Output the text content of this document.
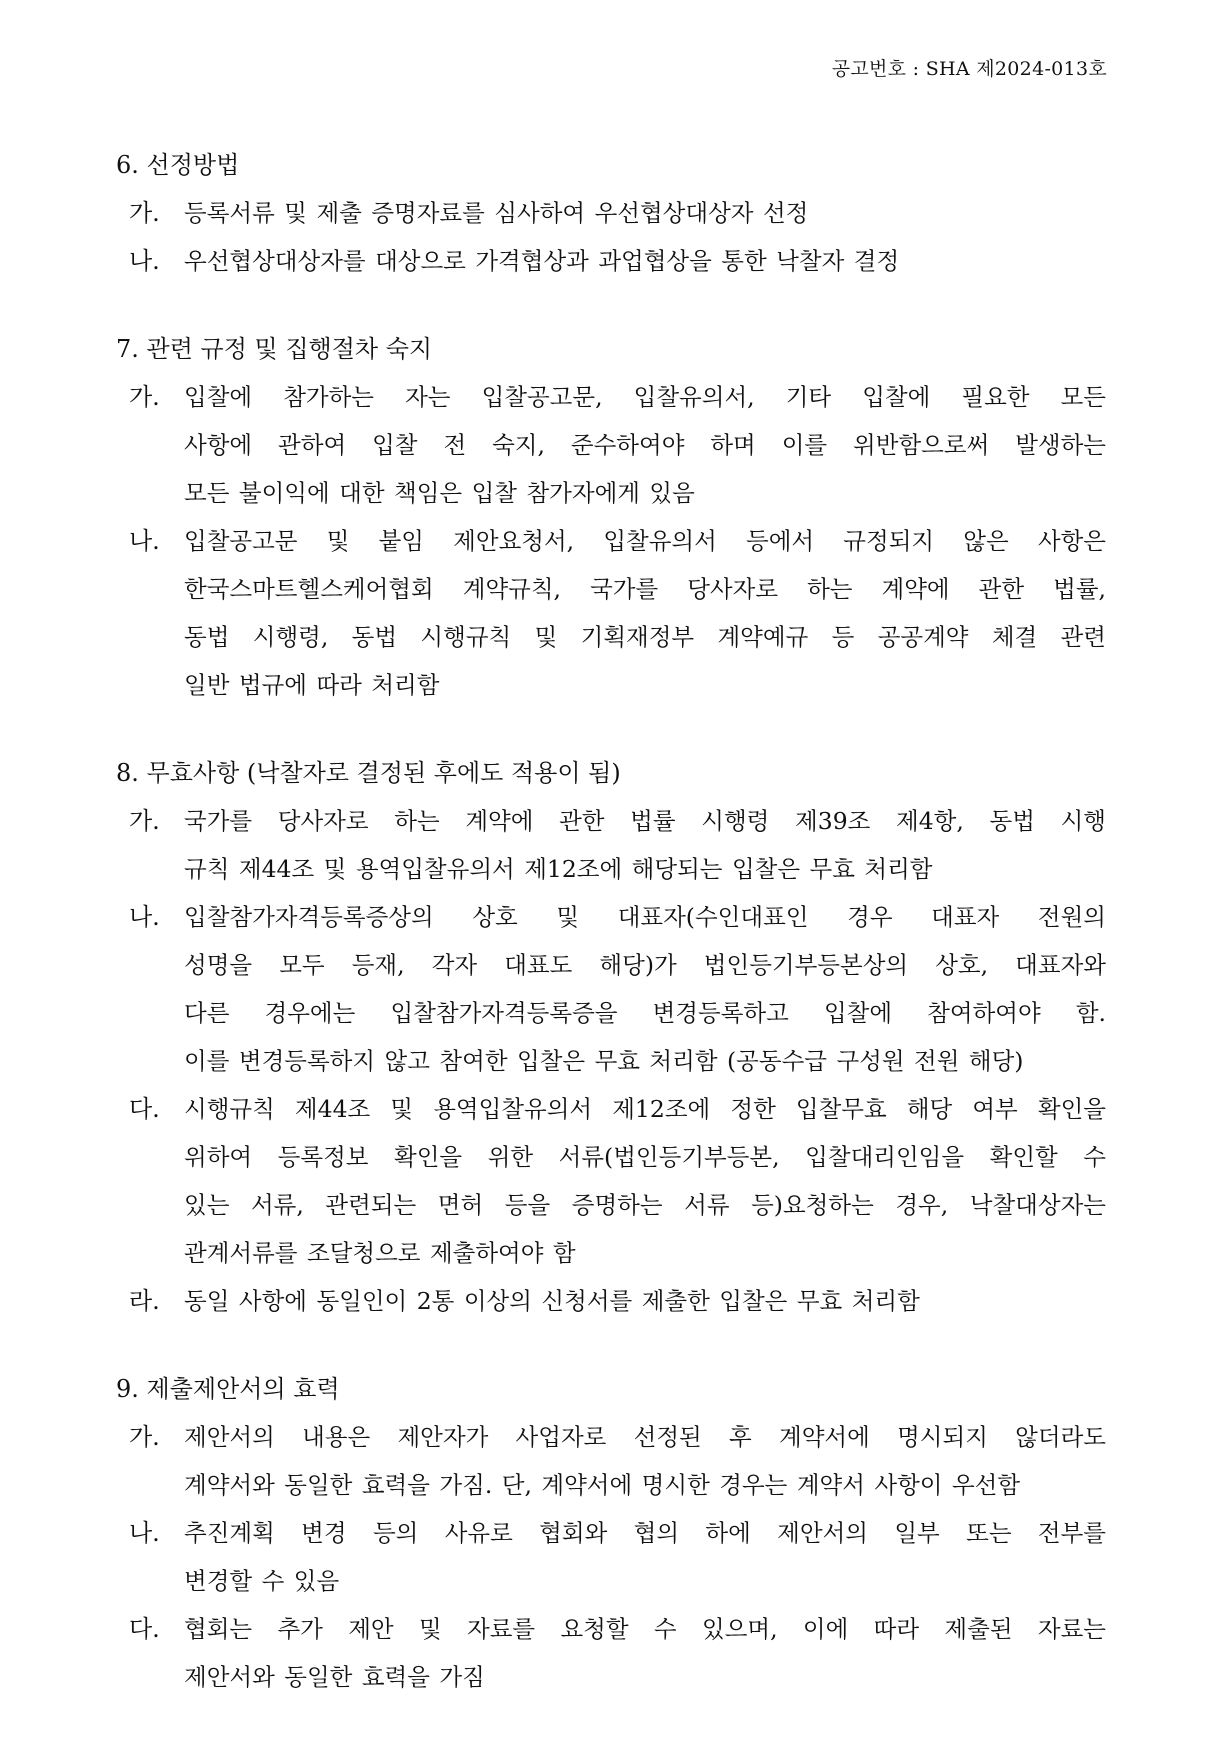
공고번호 : SHA 제2024-013호
6. 선정방법
가. 등록서류 및 제출 증명자료를 심사하여 우선협상대상자 선정
나. 우선협상대상자를 대상으로 가격협상과 과업협상을 통한 낙찰자 결정
7. 관련 규정 및 집행절차 숙지
가. 입찰에 참가하는 자는 입찰공고문, 입찰유의서, 기타 입찰에 필요한 모든
사항에 관하여 입찰 전 숙지, 준수하여야 하며 이를 위반함으로써 발생하는
모든 불이익에 대한 책임은 입찰 참가자에게 있음
나. 입찰공고문 및 붙임 제안요청서, 입찰유의서 등에서 규정되지 않은 사항은
한국스마트헬스케어협회 계약규칙, 국가를 당사자로 하는 계약에 관한 법률,
동법 시행령, 동법 시행규칙 및 기획재정부 계약예규 등 공공계약 체결 관련
일반 법규에 따라 처리함
8. 무효사항 (낙찰자로 결정된 후에도 적용이 됨)
가. 국가를 당사자로 하는 계약에 관한 법률 시행령 제39조 제4항, 동법 시행
규칙 제44조 및 용역입찰유의서 제12조에 해당되는 입찰은 무효 처리함
나. 입찰참가자격등록증상의 상호 및 대표자(수인대표인 경우 대표자 전원의
성명을 모두 등재, 각자 대표도 해당)가 법인등기부등본상의 상호, 대표자와
다른 경우에는 입찰참가자격등록증을 변경등록하고 입찰에 참여하여야 함.
이를 변경등록하지 않고 참여한 입찰은 무효 처리함 (공동수급 구성원 전원 해당)
다. 시행규칙 제44조 및 용역입찰유의서 제12조에 정한 입찰무효 해당 여부 확인을
위하여 등록정보 확인을 위한 서류(법인등기부등본, 입찰대리인임을 확인할 수
있는 서류, 관련되는 면허 등을 증명하는 서류 등)요청하는 경우, 낙찰대상자는
관계서류를 조달청으로 제출하여야 함
라. 동일 사항에 동일인이 2통 이상의 신청서를 제출한 입찰은 무효 처리함
9. 제출제안서의 효력
가. 제안서의 내용은 제안자가 사업자로 선정된 후 계약서에 명시되지 않더라도
계약서와 동일한 효력을 가짐. 단, 계약서에 명시한 경우는 계약서 사항이 우선함
나. 추진계획 변경 등의 사유로 협회와 협의 하에 제안서의 일부 또는 전부를
변경할 수 있음
다. 협회는 추가 제안 및 자료를 요청할 수 있으며, 이에 따라 제출된 자료는
제안서와 동일한 효력을 가짐
